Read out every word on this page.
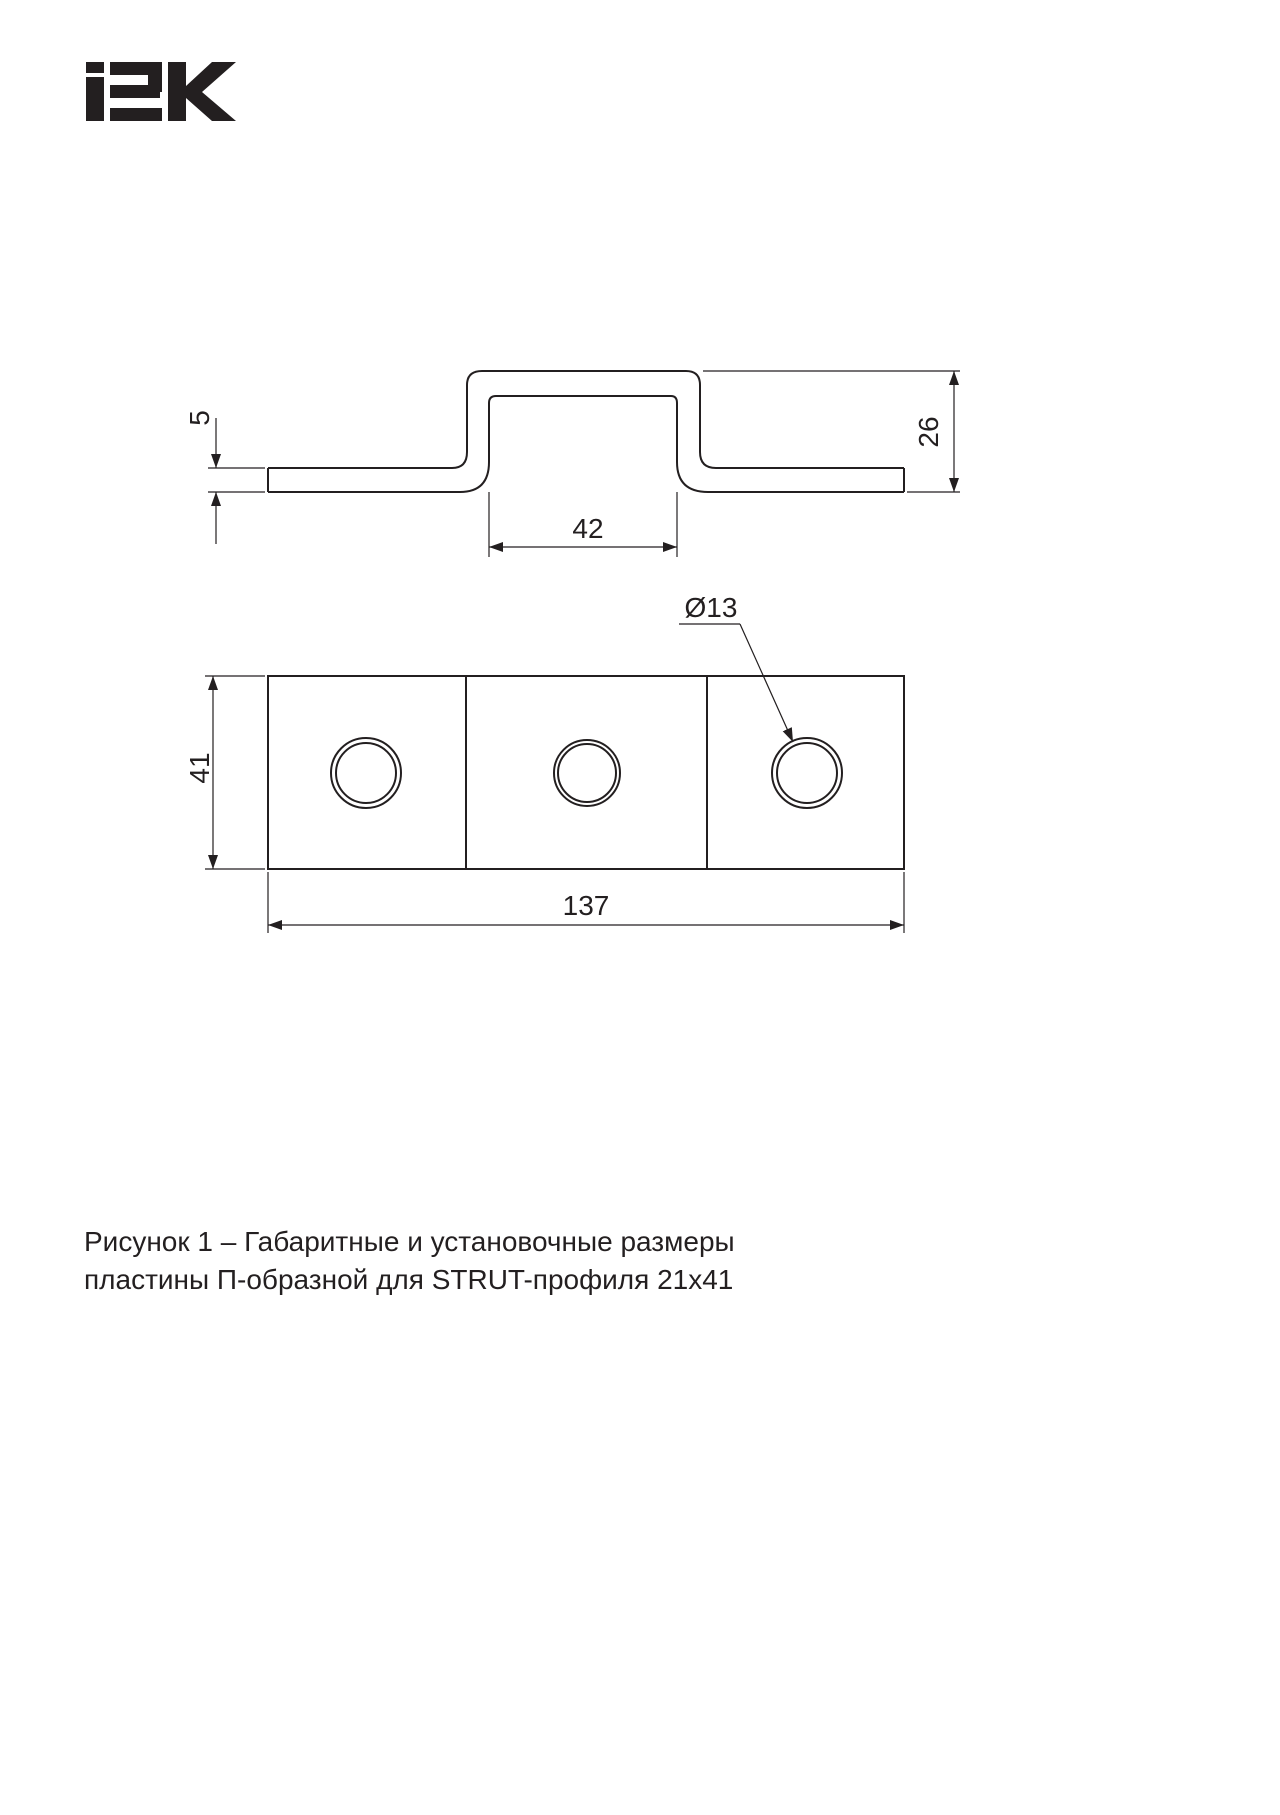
5	26
42
Ø13
41
137
Рисунок 1 – Габаритные и установочные размеры
пластины П-образной для STRUT-профиля 21x41
